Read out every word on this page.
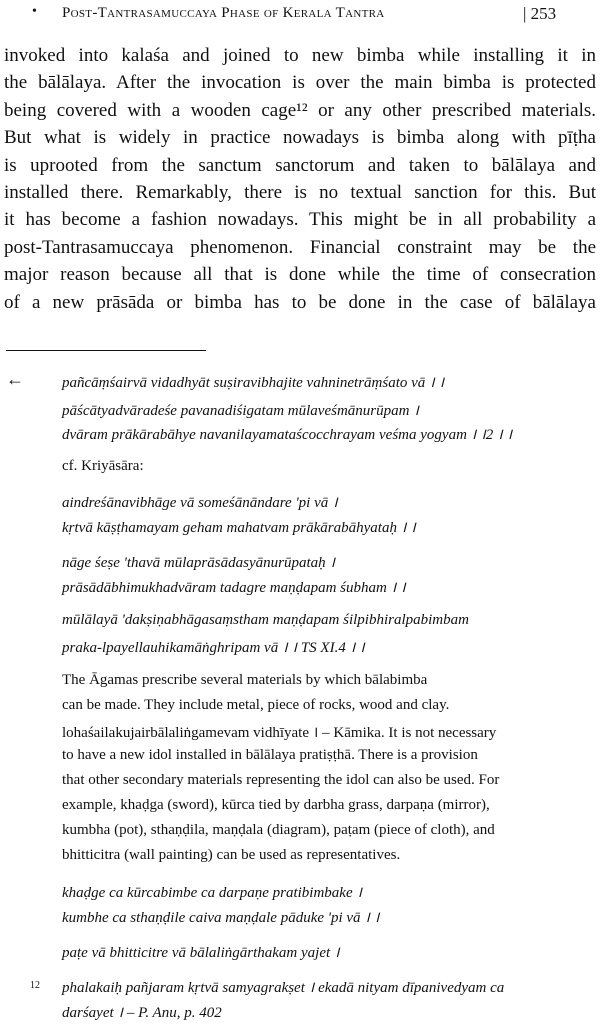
• Post-Tantrasamuccaya Phase of Kerala Tantra	| 253
invoked into kalaśa and joined to new bimba while installing it in
the bālālaya. After the invocation is over the main bimba is protected
being covered with a wooden cage¹² or any other prescribed materials.
But what is widely in practice nowadays is bimba along with pīṭha
is uprooted from the sanctum sanctorum and taken to bālālaya and
installed there. Remarkably, there is no textual sanction for this. But
it has become a fashion nowadays. This might be in all probability a
post-Tantrasamuccaya phenomenon. Financial constraint may be the
major reason because all that is done while the time of consecration
of a new prāsāda or bimba has to be done in the case of bālālaya
←	pañcāṃśairvā vidadhyāt suṣiravibhajite vahninetrāṃśato vā । ।
pāścātyadvāradeśe pavanadiśigatam mūlaveśmānurūpam ।
dvāram prākārabāhye navanilayamataścocchrayam veśma yogyam । ।2 । ।
cf. Kriyāsāra:
aindreśānavibhāge vā someśānāndare 'pi vā ।
kṛtvā kāṣṭhamayam geham mahatvam prākārabāhyataḥ । ।
nāge śeṣe 'thavā mūlaprāsādasyānurūpataḥ ।
prāsādābhimukhadvāram tadagre maṇḍapam śubham । ।
mūlālayā 'dakṣiṇabhāgasaṃstham maṇḍapam śilpibhiralpabimbam
praka-lpayellauhikamāṅghripam vā । । TS XI.4 । ।
The Āgamas prescribe several materials by which bālabimba
can be made. They include metal, piece of rocks, wood and clay.
lohaśailakujairbālaliṅgamevam vidhīyate । – Kāmika. It is not necessary
to have a new idol installed in bālālaya pratiṣṭhā. There is a provision
that other secondary materials representing the idol can also be used. For
example, khaḍga (sword), kūrca tied by darbha grass, darpaṇa (mirror),
kumbha (pot), sthaṇḍila, maṇḍala (diagram), paṭam (piece of cloth), and
bhitticitra (wall painting) can be used as representatives.
khaḍge ca kūrcabimbe ca darpaṇe pratibimbake ।
kumbhe ca sthaṇḍile caiva maṇḍale pāduke 'pi vā । ।
paṭe vā bhitticitre vā bālaliṅgārthakam yajet ।
12 phalakaiḥ pañjaram kṛtvā samyagrakṣet । ekadā nityam dīpanivedyam ca
darśayet । – P. Anu, p. 402
